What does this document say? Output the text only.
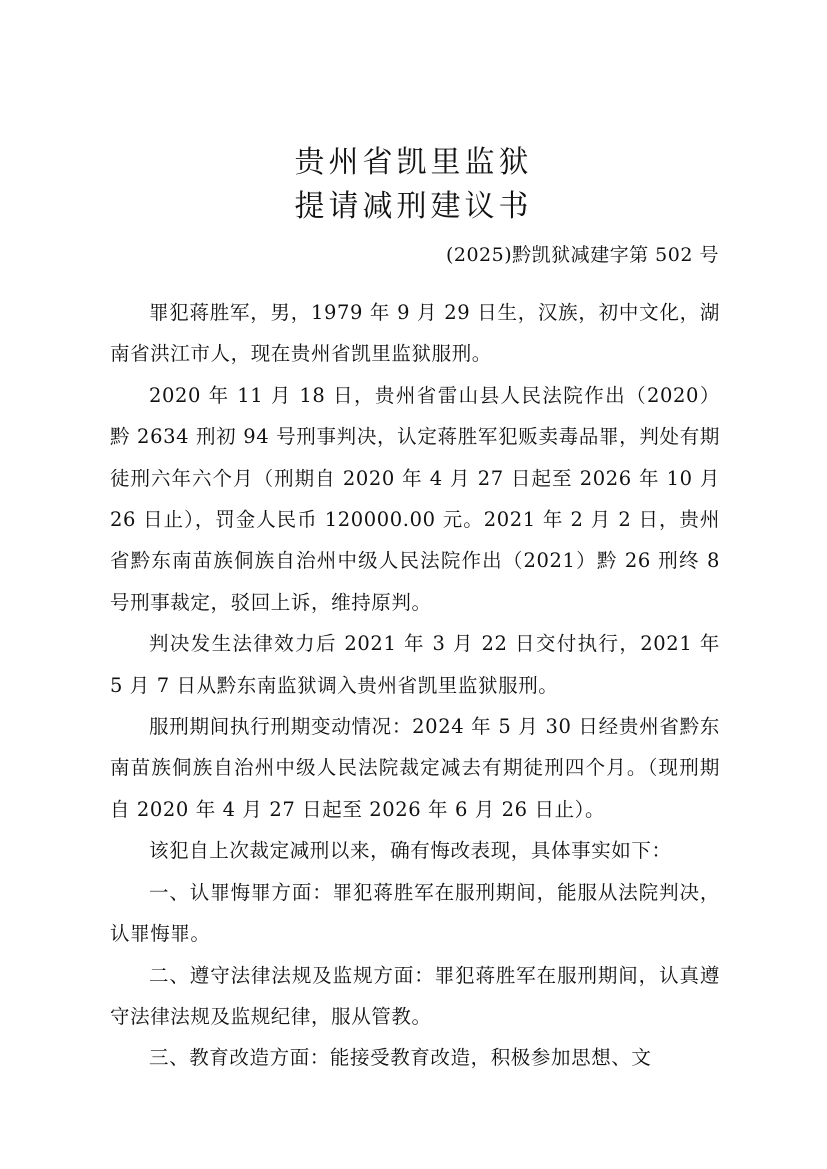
贵州省凯里监狱
提请减刑建议书
(2025)黔凯狱减建字第 502 号

罪犯蒋胜军，男，1979 年 9 月 29 日生，汉族，初中文化，湖南省洪江市人，现在贵州省凯里监狱服刑。

2020 年 11 月 18 日，贵州省雷山县人民法院作出（2020）黔 2634 刑初 94 号刑事判决，认定蒋胜军犯贩卖毒品罪，判处有期徒刑六年六个月（刑期自 2020 年 4 月 27 日起至 2026 年 10 月 26 日止），罚金人民币 120000.00 元。2021 年 2 月 2 日，贵州省黔东南苗族侗族自治州中级人民法院作出（2021）黔 26 刑终 8 号刑事裁定，驳回上诉，维持原判。

判决发生法律效力后 2021 年 3 月 22 日交付执行，2021 年 5 月 7 日从黔东南监狱调入贵州省凯里监狱服刑。

服刑期间执行刑期变动情况：2024 年 5 月 30 日经贵州省黔东南苗族侗族自治州中级人民法院裁定减去有期徒刑四个月。（现刑期自 2020 年 4 月 27 日起至 2026 年 6 月 26 日止）。

该犯自上次裁定减刑以来，确有悔改表现，具体事实如下：

一、认罪悔罪方面：罪犯蒋胜军在服刑期间，能服从法院判决，认罪悔罪。

二、遵守法律法规及监规方面：罪犯蒋胜军在服刑期间，认真遵守法律法规及监规纪律，服从管教。

三、教育改造方面：能接受教育改造，积极参加思想、文
